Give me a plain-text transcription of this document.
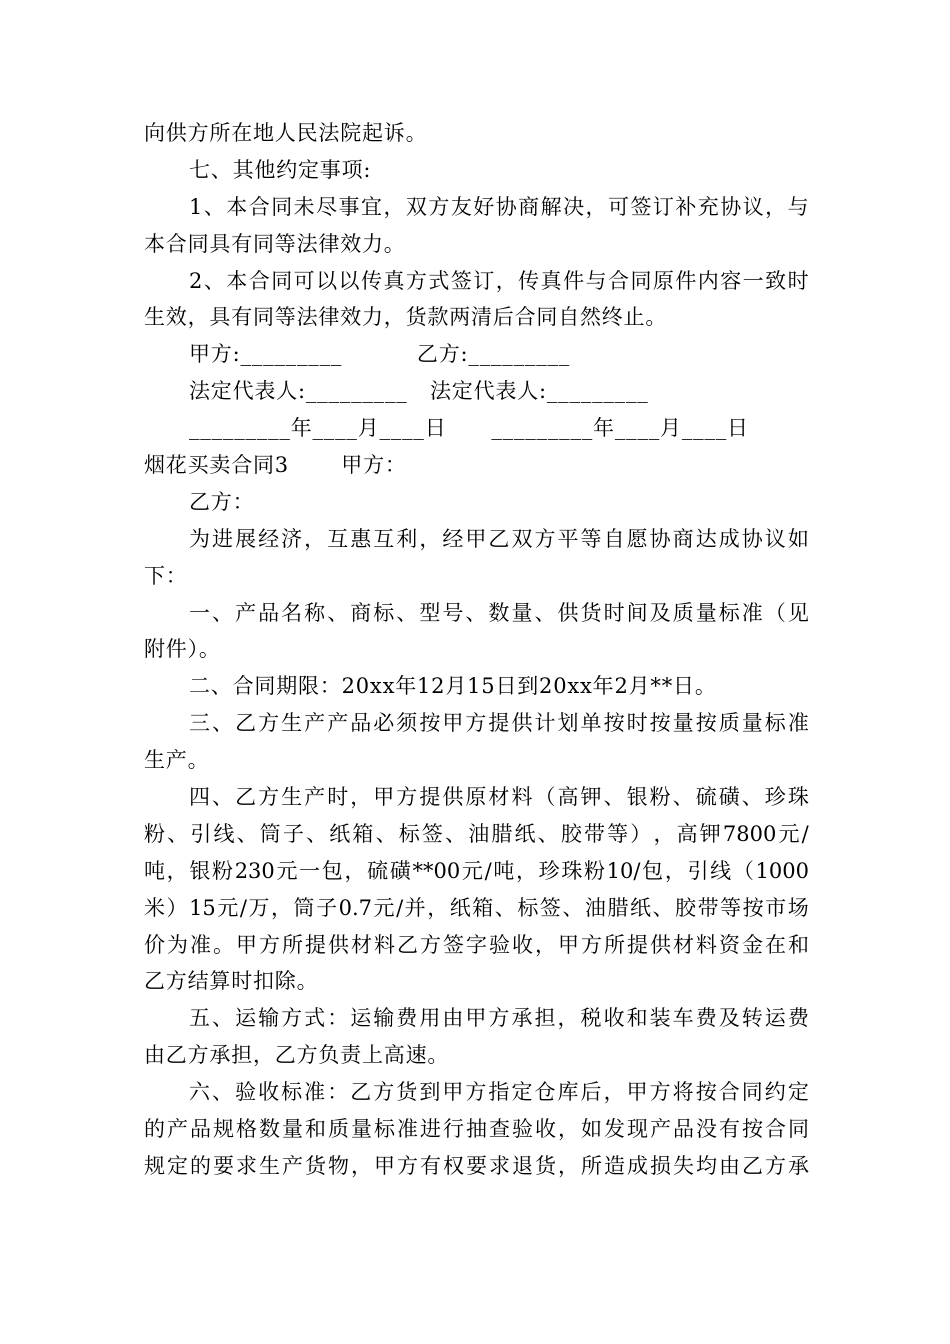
向供方所在地人民法院起诉。
七、其他约定事项:
1 、 本 合 同 未 尽 事 宜 ， 双 方 友 好 协 商 解 决 ， 可 签 订 补 充 协 议 ， 与
本合同具有同等法律效力。
2 、 本 合 同 可 以 以 传 真 方 式 签 订 ， 传 真 件 与 合 同 原 件 内 容 一 致 时
生效，具有同等法律效力，货款两清后合同自然终止。
甲方:_________          乙方:_________
法定代表人:_________   法定代表人:_________
_________年____月____日      _________年____月____日
烟花买卖合同3       甲方：
乙方：
为 进 展 经 济 ， 互 惠 互 利 ， 经 甲 乙 双 方 平 等 自 愿 协 商 达 成 协 议 如
下：
一 、 产 品 名 称 、 商 标 、 型 号 、 数 量 、 供 货 时 间 及 质 量 标 准 （ 见
附件）。
二、合同期限：20xx年12月15日到20xx年2月**日。
三 、 乙 方 生 产 产 品 必 须 按 甲 方 提 供 计 划 单 按 时 按 量 按 质 量 标 准
生产。
四 、 乙 方 生 产 时 ， 甲 方 提 供 原 材 料 （ 高 钾 、 银 粉 、 硫 磺 、 珍 珠
粉 、 引 线 、 筒 子 、 纸 箱 、 标 签 、 油 腊 纸 、 胶 带 等 ） ， 高 钾 7800 元 /
吨 ， 银 粉 230 元 一 包 ， 硫 磺 **00 元 / 吨 ， 珍 珠 粉 10/ 包 ， 引 线 （ 1000
米 ） 15 元 / 万 ， 筒 子 0.7 元 / 并 ， 纸 箱 、 标 签 、 油 腊 纸 、 胶 带 等 按 市 场
价 为 准 。 甲 方 所 提 供 材 料 乙 方 签 字 验 收 ， 甲 方 所 提 供 材 料 资 金 在 和
乙方结算时扣除。
五 、 运 输 方 式 ： 运 输 费 用 由 甲 方 承 担 ， 税 收 和 装 车 费 及 转 运 费
由乙方承担，乙方负责上高速。
六 、 验 收 标 准 ： 乙 方 货 到 甲 方 指 定 仓 库 后 ， 甲 方 将 按 合 同 约 定
的 产 品 规 格 数 量 和 质 量 标 准 进 行 抽 查 验 收 ， 如 发 现 产 品 没 有 按 合 同
规 定 的 要 求 生 产 货 物 ， 甲 方 有 权 要 求 退 货 ， 所 造 成 损 失 均 由 乙 方 承
